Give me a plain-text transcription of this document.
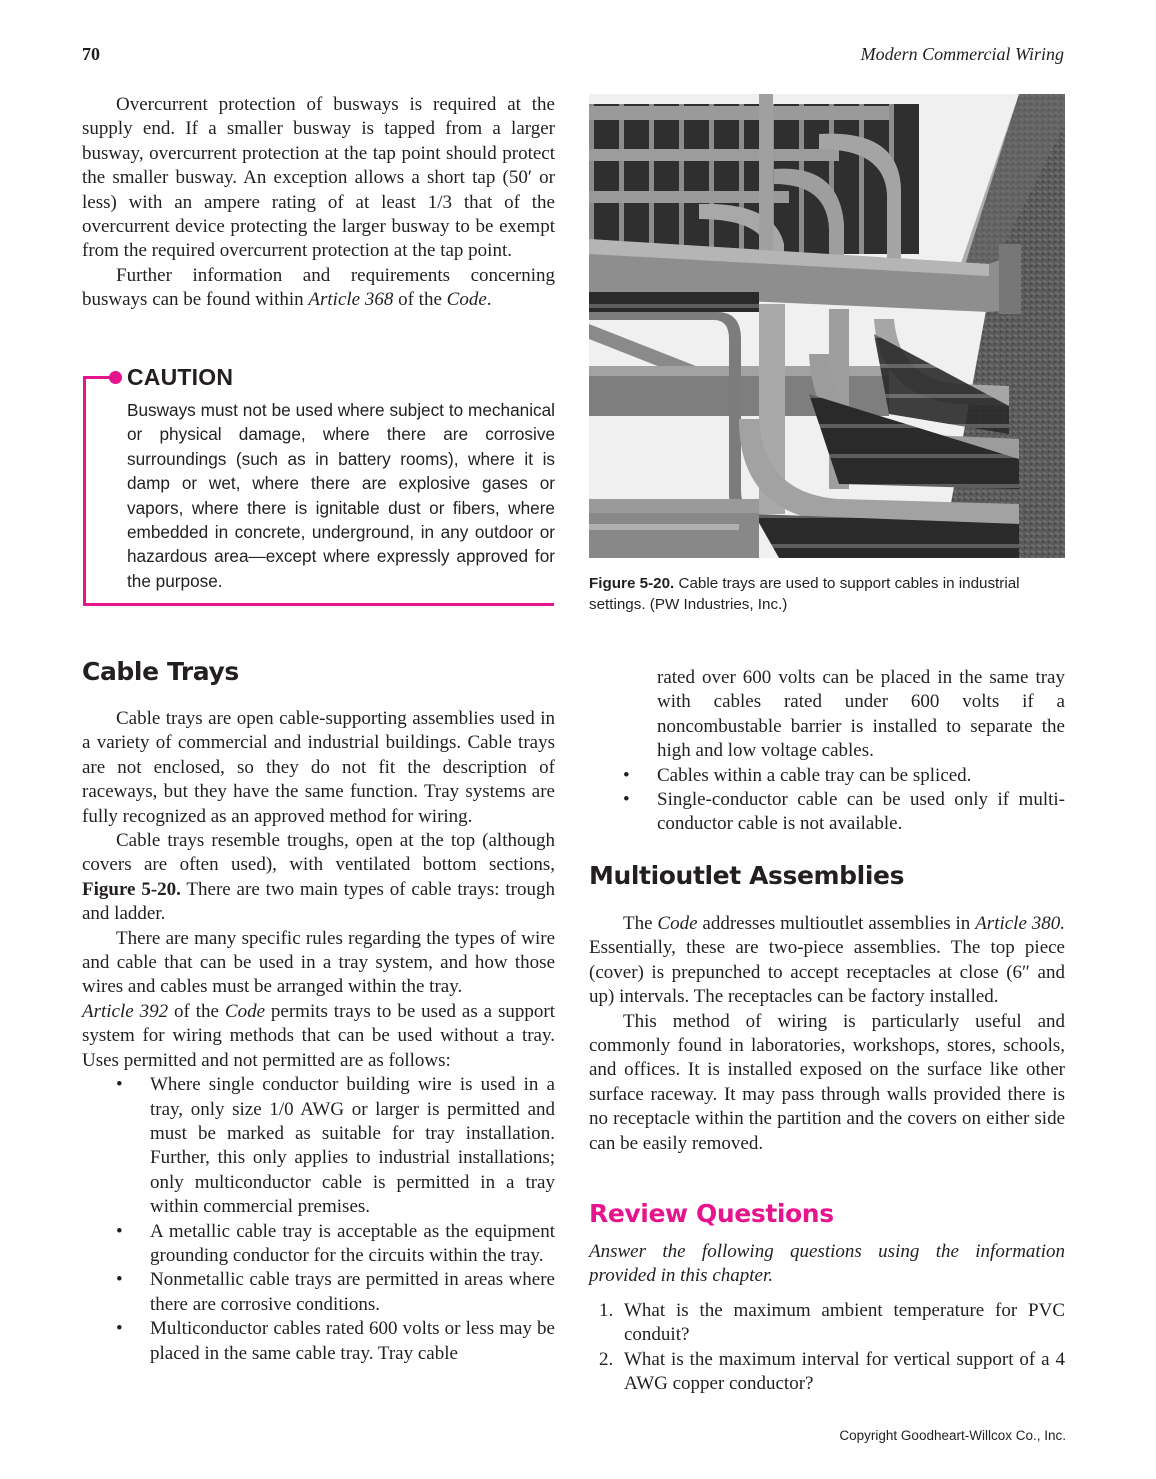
70	Modern Commercial Wiring

Overcurrent protection of busways is required at the supply end. If a smaller busway is tapped from a larger busway, overcurrent protection at the tap point should protect the smaller busway. An exception allows a short tap (50′ or less) with an ampere rating of at least 1/3 that of the overcurrent device protecting the larger busway to be exempt from the required overcurrent protection at the tap point.

Further information and requirements concerning busways can be found within Article 368 of the Code.

CAUTION
Busways must not be used where subject to mechanical or physical damage, where there are corrosive surroundings (such as in battery rooms), where it is damp or wet, where there are explosive gases or vapors, where there is ignitable dust or fibers, where embedded in concrete, underground, in any outdoor or hazardous area—except where expressly approved for the purpose.	Figure 5-20. Cable trays are used to support cables in industrial settings. (PW Industries, Inc.)
Cable Trays

Cable trays are open cable-supporting assemblies used in a variety of commercial and industrial buildings. Cable trays are not enclosed, so they do not fit the description of raceways, but they have the same function. Tray systems are fully recognized as an approved method for wiring.

Cable trays resemble troughs, open at the top (although covers are often used), with ventilated bottom sections, Figure 5-20. There are two main types of cable trays: trough and ladder.

There are many specific rules regarding the types of wire and cable that can be used in a tray system, and how those wires and cables must be arranged within the tray.
Article 392 of the Code permits trays to be used as a support system for wiring methods that can be used without a tray. Uses permitted and not permitted are as follows:

• Where single conductor building wire is used in a tray, only size 1/0 AWG or larger is permitted and must be marked as suitable for tray installation. Further, this only applies to industrial installations; only multiconductor cable is permitted in a tray within commercial premises.
• A metallic cable tray is acceptable as the equipment grounding conductor for the circuits within the tray.
• Nonmetallic cable trays are permitted in areas where there are corrosive conditions.
• Multiconductor cables rated 600 volts or less may be placed in the same cable tray. Tray cable

rated over 600 volts can be placed in the same tray with cables rated under 600 volts if a noncombustable barrier is installed to separate the high and low voltage cables.

• Cables within a cable tray can be spliced.
• Single-conductor cable can be used only if multiconductor cable is not available.
Multioutlet Assemblies

The Code addresses multioutlet assemblies in Article 380. Essentially, these are two-piece assemblies. The top piece (cover) is prepunched to accept receptacles at close (6″ and up) intervals. The receptacles can be factory installed.

This method of wiring is particularly useful and commonly found in laboratories, workshops, stores, schools, and offices. It is installed exposed on the surface like other surface raceway. It may pass through walls provided there is no receptacle within the partition and the covers on either side can be easily removed.

Review Questions

Answer the following questions using the information provided in this chapter.

1. What is the maximum ambient temperature for PVC conduit?
2. What is the maximum interval for vertical support of a 4 AWG copper conductor?
Copyright Goodheart-Willcox Co., Inc.
